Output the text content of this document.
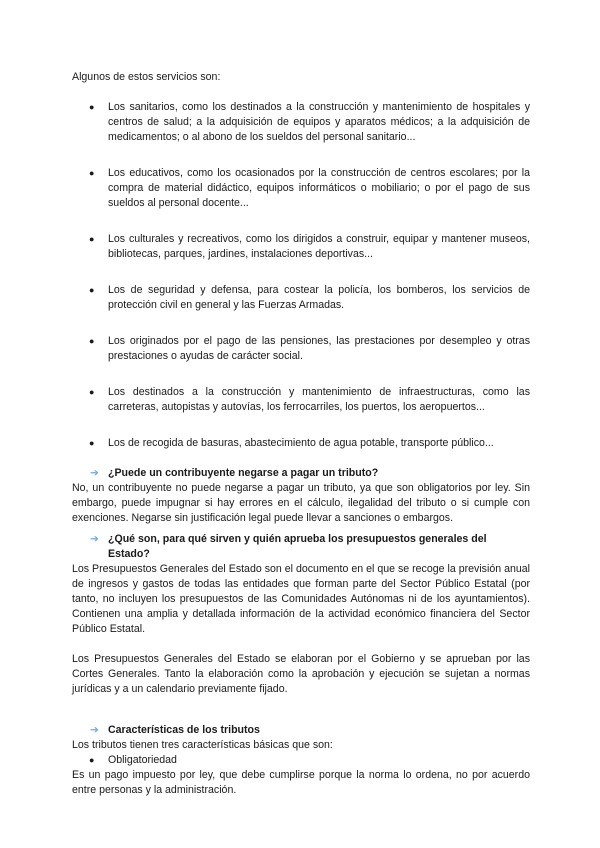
Algunos de estos servicios son:

● Los sanitarios, como los destinados a la construcción y mantenimiento de hospitales y centros de salud; a la adquisición de equipos y aparatos médicos; a la adquisición de medicamentos; o al abono de los sueldos del personal sanitario...
● Los educativos, como los ocasionados por la construcción de centros escolares; por la compra de material didáctico, equipos informáticos o mobiliario; o por el pago de sus sueldos al personal docente...
● Los culturales y recreativos, como los dirigidos a construir, equipar y mantener museos, bibliotecas, parques, jardines, instalaciones deportivas...
● Los de seguridad y defensa, para costear la policía, los bomberos, los servicios de protección civil en general y las Fuerzas Armadas.
● Los originados por el pago de las pensiones, las prestaciones por desempleo y otras prestaciones o ayudas de carácter social.
● Los destinados a la construcción y mantenimiento de infraestructuras, como las carreteras, autopistas y autovías, los ferrocarriles, los puertos, los aeropuertos...
● Los de recogida de basuras, abastecimiento de agua potable, transporte público...
➔ ¿Puede un contribuyente negarse a pagar un tributo?

No, un contribuyente no puede negarse a pagar un tributo, ya que son obligatorios por ley. Sin embargo, puede impugnar si hay errores en el cálculo, ilegalidad del tributo o si cumple con exenciones. Negarse sin justificación legal puede llevar a sanciones o embargos.

➔ ¿Qué son, para qué sirven y quién aprueba los presupuestos generales del Estado?

Los Presupuestos Generales del Estado son el documento en el que se recoge la previsión anual de ingresos y gastos de todas las entidades que forman parte del Sector Público Estatal (por tanto, no incluyen los presupuestos de las Comunidades Autónomas ni de los ayuntamientos). Contienen una amplia y detallada información de la actividad económico financiera del Sector Público Estatal.

Los Presupuestos Generales del Estado se elaboran por el Gobierno y se aprueban por las Cortes Generales. Tanto la elaboración como la aprobación y ejecución se sujetan a normas jurídicas y a un calendario previamente fijado.

➔ Características de los tributos

Los tributos tienen tres características básicas que son:

● Obligatoriedad

Es un pago impuesto por ley, que debe cumplirse porque la norma lo ordena, no por acuerdo entre personas y la administración.
